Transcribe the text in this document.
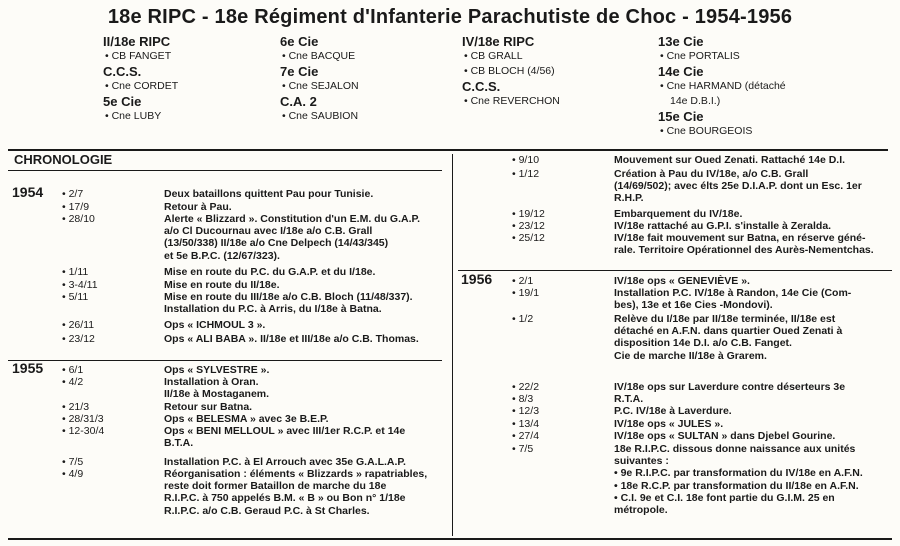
18e RIPC - 18e Régiment d'Infanterie Parachutiste de Choc - 1954-1956
II/18e RIPC
• CB FANGET
C.C.S.
• Cne CORDET
5e Cie
• Cne LUBY
6e Cie
• Cne BACQUE
7e Cie
• Cne SEJALON
C.A. 2
• Cne SAUBION
IV/18e RIPC
• CB GRALL
• CB BLOCH (4/56)
C.C.S.
• Cne REVERCHON
13e Cie
• Cne PORTALIS
14e Cie
• Cne HARMAND (détaché
14e D.B.I.)
15e Cie
• Cne BOURGEOIS
CHRONOLOGIE
1954 • 2/7	Deux bataillons quittent Pau pour Tunisie.
• 17/9	Retour à Pau.
• 28/10	Alerte « Blizzard ». Constitution d'un E.M. du G.A.P.
a/o Cl Ducournau avec I/18e a/o C.B. Grall
(13/50/338) II/18e a/o Cne Delpech (14/43/345)
et 5e B.P.C. (12/67/323).
• 1/11	Mise en route du P.C. du G.A.P. et du I/18e.
• 3-4/11	Mise en route du II/18e.
• 5/11	Mise en route du III/18e a/o C.B. Bloch (11/48/337).
Installation du P.C. à Arris, du I/18e à Batna.
• 26/11	Ops « ICHMOUL 3 ».
• 23/12	Ops « ALI BABA ». II/18e et III/18e a/o C.B. Thomas.
1955 • 6/1	Ops « SYLVESTRE ».
• 4/2	Installation à Oran.
II/18e à Mostaganem.
• 21/3	Retour sur Batna.
• 28/31/3	Ops « BELESMA » avec 3e B.E.P.
• 12-30/4	Ops « BENI MELLOUL » avec III/1er R.C.P. et 14e
B.T.A.
• 7/5	Installation P.C. à El Arrouch avec 35e G.A.L.A.P.
• 4/9	Réorganisation : éléments « Blizzards » rapatriables,
reste doit former Bataillon de marche du 18e
R.I.P.C. à 750 appelés B.M. « B » ou Bon n° 1/18e
R.I.P.C. a/o C.B. Geraud P.C. à St Charles.
• 9/10	Mouvement sur Oued Zenati. Rattaché 14e D.I.
• 1/12	Création à Pau du IV/18e, a/o C.B. Grall
(14/69/502); avec élts 25e D.I.A.P. dont un Esc. 1er
R.H.P.
• 19/12	Embarquement du IV/18e.
• 23/12	IV/18e rattaché au G.P.I. s'installe à Zeralda.
• 25/12	IV/18e fait mouvement sur Batna, en réserve géné-
rale. Territoire Opérationnel des Aurès-Nementchas.
1956 • 2/1	IV/18e ops « GENEVIÈVE ».
• 19/1	Installation P.C. IV/18e à Randon, 14e Cie (Com-
bes), 13e et 16e Cies -Mondovi).
• 1/2	Relève du I/18e par II/18e terminée, II/18e est
détaché en A.F.N. dans quartier Oued Zenati à
disposition 14e D.I. a/o C.B. Fanget.
Cie de marche II/18e à Grarem.
• 22/2	IV/18e ops sur Laverdure contre déserteurs 3e
R.T.A.
• 8/3
• 12/3	P.C. IV/18e à Laverdure.
• 13/4	IV/18e ops « JULES ».
• 27/4	IV/18e ops « SULTAN » dans Djebel Gourine.
• 7/5	18e R.I.P.C. dissous donne naissance aux unités
suivantes :
• 9e R.I.P.C. par transformation du IV/18e en A.F.N.
• 18e R.C.P. par transformation du II/18e en A.F.N.
• C.I. 9e et C.I. 18e font partie du G.I.M. 25 en
métropole.
